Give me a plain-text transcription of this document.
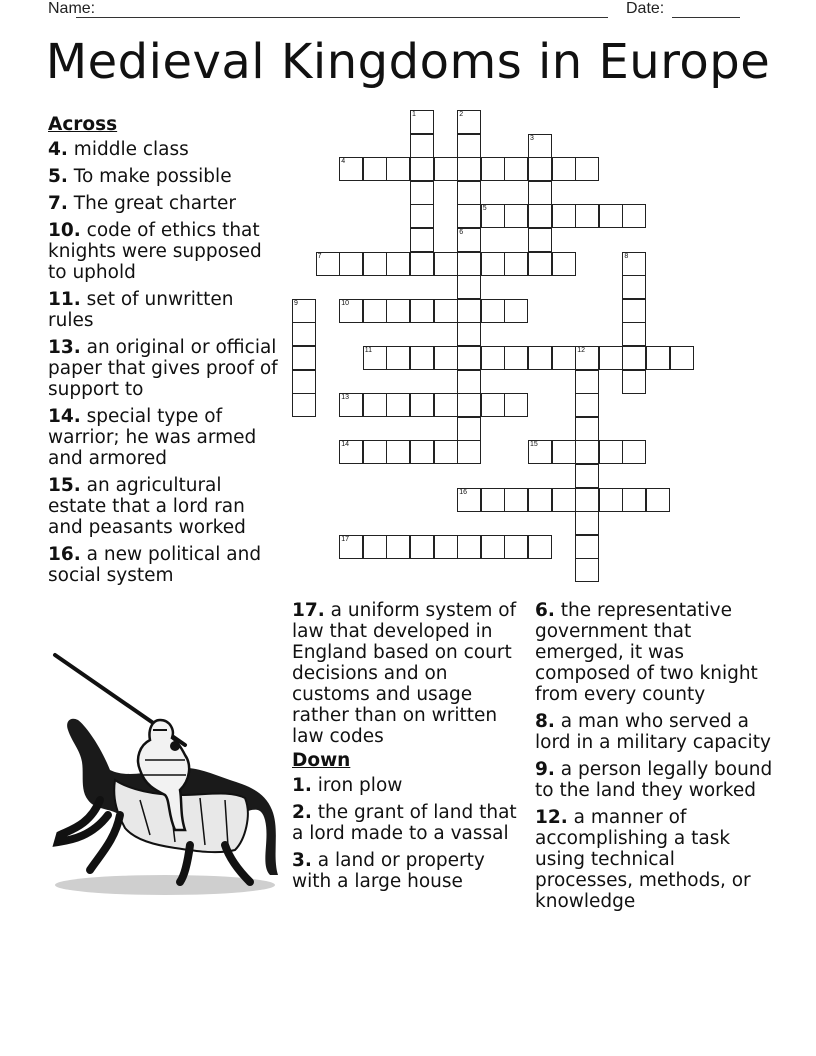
Name:	Date:
Medieval Kingdoms in Europe
4
5
7
10
11	12
13
14	15
16
17
1	2
6
3
8
9
Across
4. middle class
5. To make possible
7. The great charter
10. code of ethics that knights were supposed to uphold
11. set of unwritten rules
13. an original or official paper that gives proof of support to
14. special type of warrior; he was armed and armored
15. an agricultural estate that a lord ran and peasants worked
16. a new political and social system
17. a uniform system of law that developed in England based on court decisions and on customs and usage rather than on written law codes
Down
1. iron plow
2. the grant of land that a lord made to a vassal
3. a land or property with a large house
6. the representative government that emerged, it was composed of two knight from every county
8. a man who served a lord in a military capacity
9. a person legally bound to the land they worked
12. a manner of accomplishing a task using technical processes, methods, or knowledge
